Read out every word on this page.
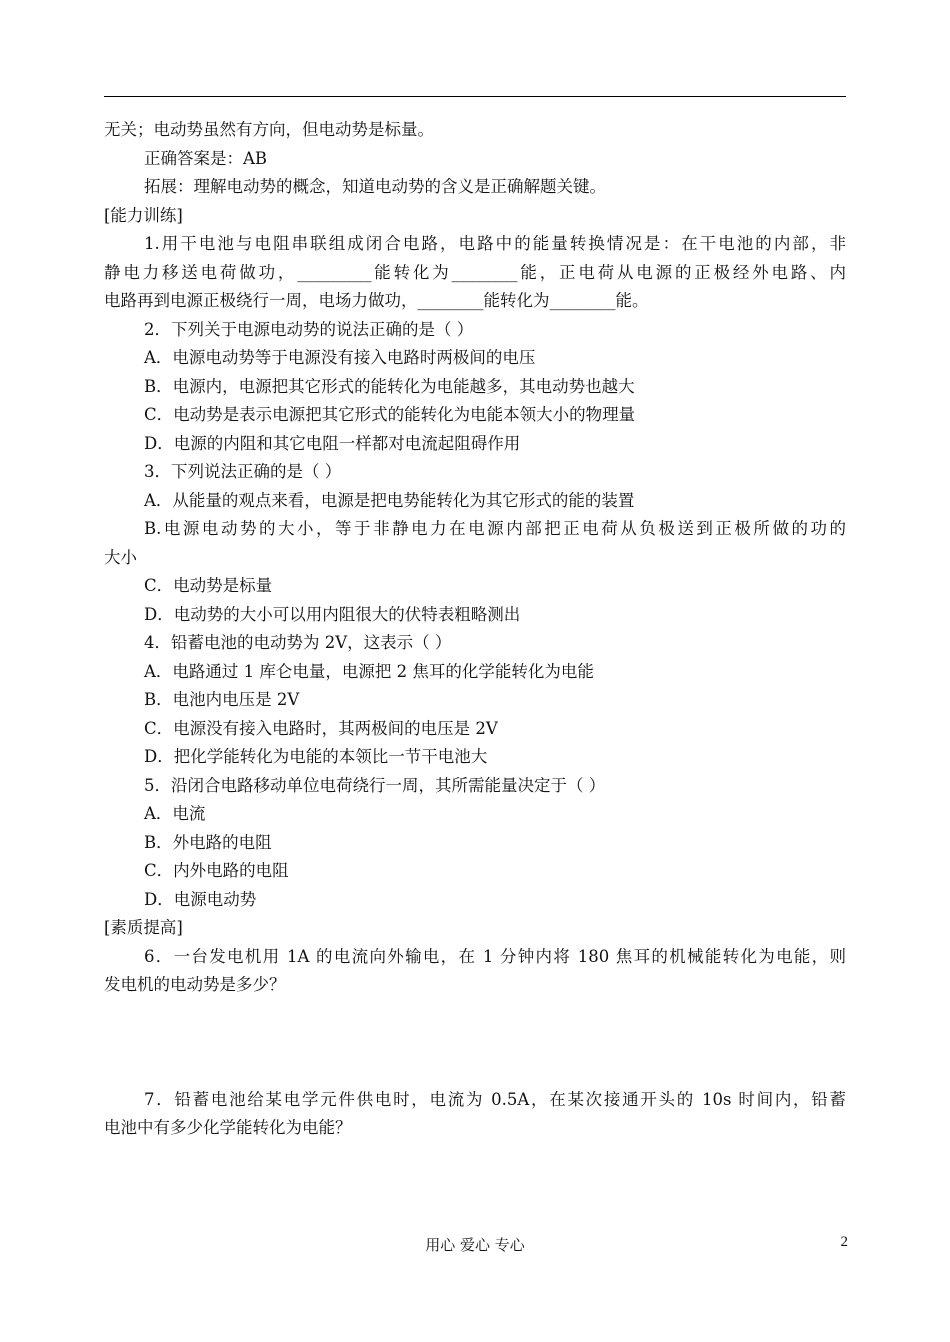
无关；电动势虽然有方向，但电动势是标量。
正确答案是：AB
拓展：理解电动势的概念，知道电动势的含义是正确解题关键。
[能力训练]
1.用干电池与电阻串联组成闭合电路，电路中的能量转换情况是：在干电池的内部，非
静电力移送电荷做功，_________能转化为________能，正电荷从电源的正极经外电路、内
电路再到电源正极绕行一周，电场力做功，________能转化为________能。
2．下列关于电源电动势的说法正确的是（ ）
A．电源电动势等于电源没有接入电路时两极间的电压
B．电源内，电源把其它形式的能转化为电能越多，其电动势也越大
C．电动势是表示电源把其它形式的能转化为电能本领大小的物理量
D．电源的内阻和其它电阻一样都对电流起阻碍作用
3．下列说法正确的是（ ）
A．从能量的观点来看，电源是把电势能转化为其它形式的能的装置
B.电源电动势的大小，等于非静电力在电源内部把正电荷从负极送到正极所做的功的
大小
C．电动势是标量
D．电动势的大小可以用内阻很大的伏特表粗略测出
4．铅蓄电池的电动势为 2V，这表示（ ）
A．电路通过 1 库仑电量，电源把 2 焦耳的化学能转化为电能
B．电池内电压是 2V
C．电源没有接入电路时，其两极间的电压是 2V
D．把化学能转化为电能的本领比一节干电池大
5．沿闭合电路移动单位电荷绕行一周，其所需能量决定于（ ）
A．电流
B．外电路的电阻
C．内外电路的电阻
D．电源电动势
[素质提高]
6．一台发电机用 1A 的电流向外输电，在 1 分钟内将 180 焦耳的机械能转化为电能，则
发电机的电动势是多少？
7．铅蓄电池给某电学元件供电时，电流为 0.5A，在某次接通开头的 10s 时间内，铅蓄
电池中有多少化学能转化为电能？
用心 爱心 专心	2
